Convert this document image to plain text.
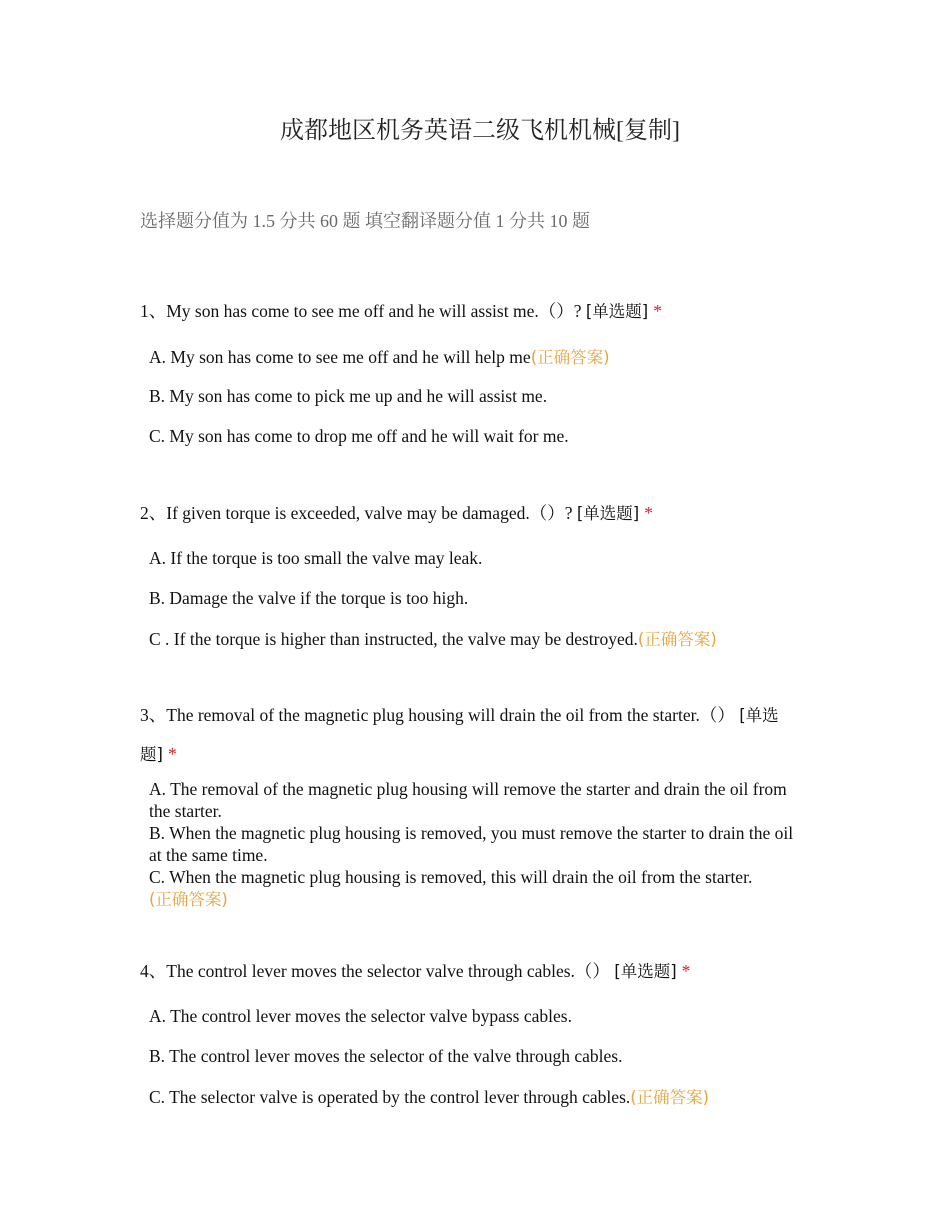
成都地区机务英语二级飞机机械[复制]
选择题分值为 1.5 分共 60 题 填空翻译题分值 1 分共 10 题
1、My son has come to see me off and he will assist me.（）? [单选题] *
A. My son has come to see me off and he will help me(正确答案)
B. My son has come to pick me up and he will assist me.
C. My son has come to drop me off and he will wait for me.
2、If given torque is exceeded, valve may be damaged.（）? [单选题] *
A. If the torque is too small the valve may leak.
B. Damage the valve if the torque is too high.
C . If the torque is higher than instructed, the valve may be destroyed.(正确答案)
3、The removal of the magnetic plug housing will drain the oil from the starter.（） [单选题] *
A. The removal of the magnetic plug housing will remove the starter and drain the oil from the starter.
B. When the magnetic plug housing is removed, you must remove the starter to drain the oil at the same time.
C. When the magnetic plug housing is removed, this will drain the oil from the starter.
(正确答案)
4、The control lever moves the selector valve through cables.（） [单选题] *
A. The control lever moves the selector valve bypass cables.
B. The control lever moves the selector of the valve through cables.
C. The selector valve is operated by the control lever through cables.(正确答案)
